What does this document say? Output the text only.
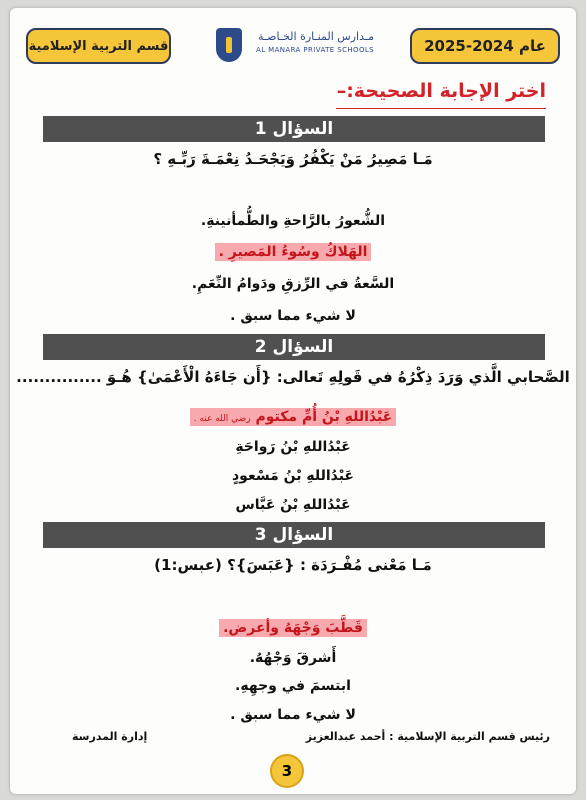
عام 2024-2025
مـدارس المنـارة الخـاصـة
AL MANARA PRIVATE SCHOOLS
قسم التربية الإسلامية
اختر الإجابة الصحيحة:–
السؤال 1
مَـا مَصِيرُ مَنْ يَكْفُرُ وَيَجْحَـدُ نِعْمَـةَ رَبِّـهِ ؟
الشُّعورُ بالرَّاحةِ والطُّمأنينةِ.
الهَلاكُ وسُوءُ المَصيرِ .
السَّعةُ في الرِّزقِ ودَوامُ النِّعَمِ.
لا شيء مما سبق .
السؤال 2
الصَّحابي الَّذي وَرَدَ ذِكْرُهُ في قَولِهِ تَعالى: {أَن جَاءَهُ الْأَعْمَىٰ} هُـوَ ...............
عَبْدُاللهِ بْنُ أُمِّ مكتوم رضي الله عنه .
عَبْدُاللهِ بْنُ رَواحَةِ
عَبْدُاللهِ بْنُ مَسْعودٍ
عَبْدُاللهِ بْنُ عَبَّاس
السؤال 3
مَـا مَعْنى مُفْـرَدَة : {عَبَسَ}؟ (عبس:1)
قَطَّبَ وَجْهَهُ وأعرض.
أَشرقَ وَجْهُهُ.
ابتسمَ في وجهِهِ.
لا شيء مما سبق .
رئيس قسم التربية الإسلامية : أحمد عبدالعزيز
إدارة المدرسة
3
